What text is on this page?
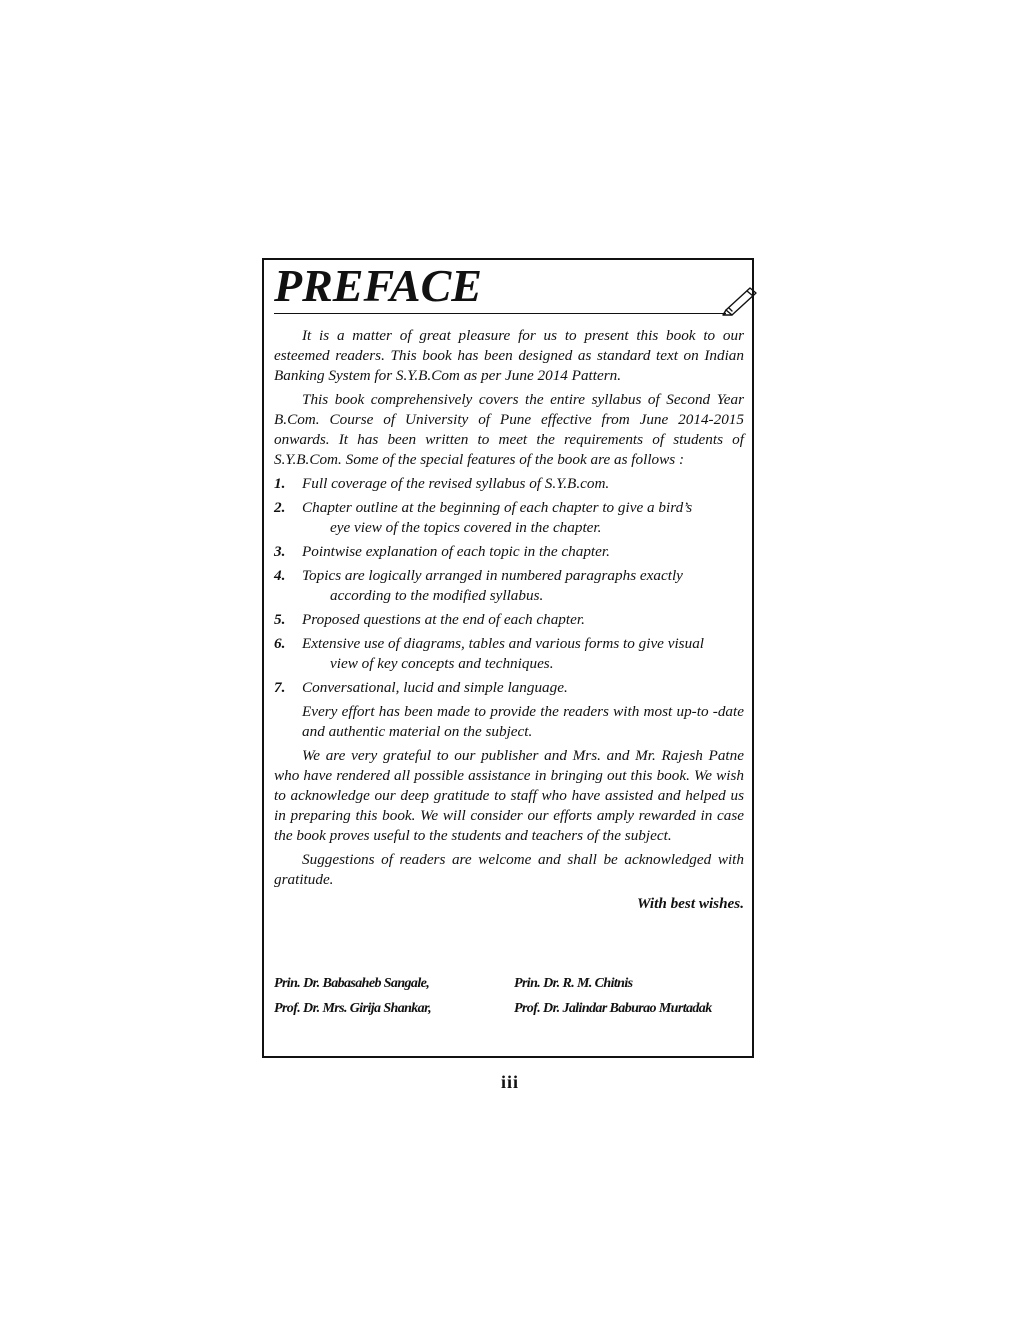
PREFACE

It is a matter of great pleasure for us to present this book to our esteemed readers. This book has been designed as standard text on Indian Banking System for S.Y.B.Com as per June 2014 Pattern.

This book comprehensively covers the entire syllabus of Second Year B.Com. Course of University of Pune effective from June 2014-2015 onwards. It has been written to meet the requirements of students of S.Y.B.Com. Some of the special features of the book are as follows :

1. Full coverage of the revised syllabus of S.Y.B.com.
2. Chapter outline at the beginning of each chapter to give a bird’s
eye view of the topics covered in the chapter.
3. Pointwise explanation of each topic in the chapter.
4. Topics are logically arranged in numbered paragraphs exactly
according to the modified syllabus.
5. Proposed questions at the end of each chapter.
6. Extensive use of diagrams, tables and various forms to give visual
view of key concepts and techniques.
7. Conversational, lucid and simple language.

Every effort has been made to provide the readers with most up-to -date and authentic material on the subject.

We are very grateful to our publisher and Mrs. and Mr. Rajesh Patne who have rendered all possible assistance in bringing out this book. We wish to acknowledge our deep gratitude to staff who have assisted and helped us in preparing this book. We will consider our efforts amply rewarded in case the book proves useful to the students and teachers of the subject.

Suggestions of readers are welcome and shall be acknowledged with gratitude.

With best wishes.

Prin. Dr. Babasaheb Sangale,	Prin. Dr. R. M. Chitnis
Prof. Dr. Mrs. Girija Shankar,	Prof. Dr. Jalindar Baburao Murtadak
iii
